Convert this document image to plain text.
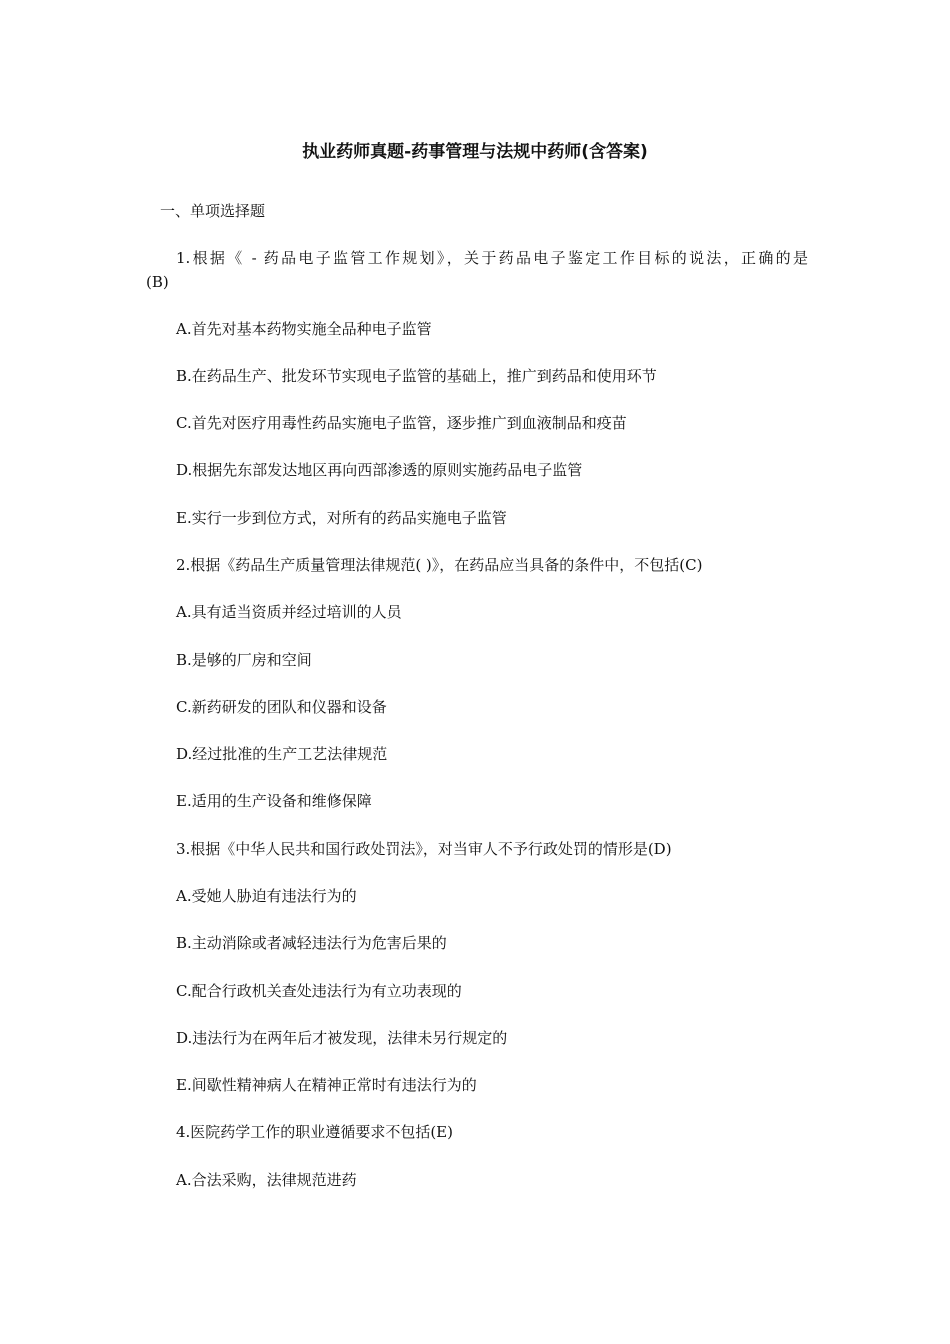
执业药师真题-药事管理与法规中药师(含答案)
一、单项选择题
1.根据《 - 药品电子监管工作规划》，关于药品电子鉴定工作目标的说法，正确的是
(B)
A.首先对基本药物实施全品种电子监管
B.在药品生产、批发环节实现电子监管的基础上，推广到药品和使用环节
C.首先对医疗用毒性药品实施电子监管，逐步推广到血液制品和疫苗
D.根据先东部发达地区再向西部渗透的原则实施药品电子监管
E.实行一步到位方式，对所有的药品实施电子监管
2.根据《药品生产质量管理法律规范( )》，在药品应当具备的条件中，不包括(C)
A.具有适当资质并经过培训的人员
B.是够的厂房和空间
C.新药研发的团队和仪器和设备
D.经过批准的生产工艺法律规范
E.适用的生产设备和维修保障
3.根据《中华人民共和国行政处罚法》，对当审人不予行政处罚的情形是(D)
A.受她人胁迫有违法行为的
B.主动消除或者减轻违法行为危害后果的
C.配合行政机关查处违法行为有立功表现的
D.违法行为在两年后才被发现，法律未另行规定的
E.间歇性精神病人在精神正常时有违法行为的
4.医院药学工作的职业遵循要求不包括(E)
A.合法采购，法律规范进药
